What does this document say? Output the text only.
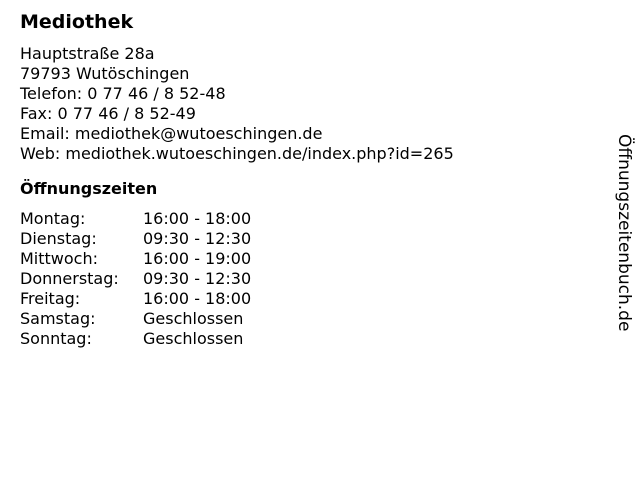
Mediothek
Hauptstraße 28a
79793 Wutöschingen
Telefon: 0 77 46 / 8 52-48
Fax: 0 77 46 / 8 52-49
Email: mediothek@wutoeschingen.de
Web: mediothek.wutoeschingen.de/index.php?id=265
Öffnungszeiten
Montag:	16:00 - 18:00
Dienstag:	09:30 - 12:30
Mittwoch:	16:00 - 19:00
Donnerstag:	09:30 - 12:30
Freitag:	16:00 - 18:00
Samstag:	Geschlossen
Sonntag:	Geschlossen
Öffnungszeitenbuch.de
